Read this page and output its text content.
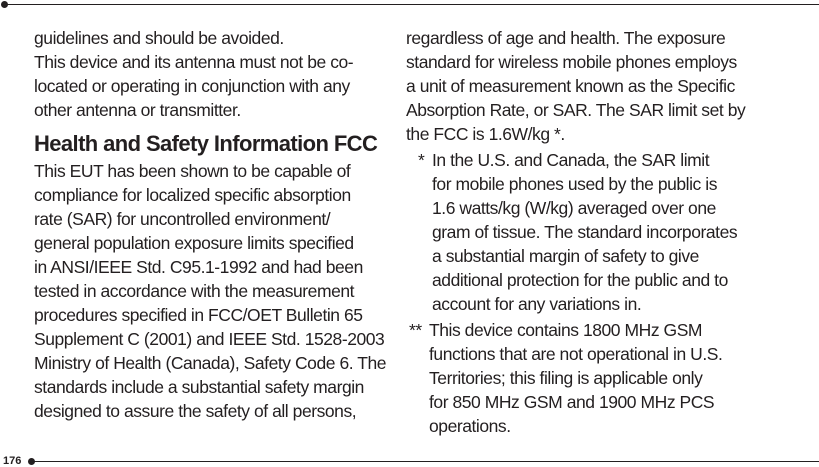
176
guidelines and should be avoided.
This device and its antenna must not be co-
located or operating in conjunction with any
other antenna or transmitter.
Health and Safety Information FCC
This EUT has been shown to be capable of
compliance for localized specific absorption
rate (SAR) for uncontrolled environment/
general population exposure limits specified
in ANSI/IEEE Std. C95.1-1992 and had been
tested in accordance with the measurement
procedures specified in FCC/OET Bulletin 65
Supplement C (2001) and IEEE Std. 1528-2003
Ministry of Health (Canada), Safety Code 6. The
standards include a substantial safety margin
designed to assure the safety of all persons,
regardless of age and health. The exposure
standard for wireless mobile phones employs
a unit of measurement known as the Specific
Absorption Rate, or SAR. The SAR limit set by
the FCC is 1.6W/kg *.
* In the U.S. and Canada, the SAR limit
for mobile phones used by the public is
1.6 watts/kg (W/kg) averaged over one
gram of tissue. The standard incorporates
a substantial margin of safety to give
additional protection for the public and to
account for any variations in.
** This device contains 1800 MHz GSM
functions that are not operational in U.S.
Territories; this filing is applicable only
for 850 MHz GSM and 1900 MHz PCS
operations.
